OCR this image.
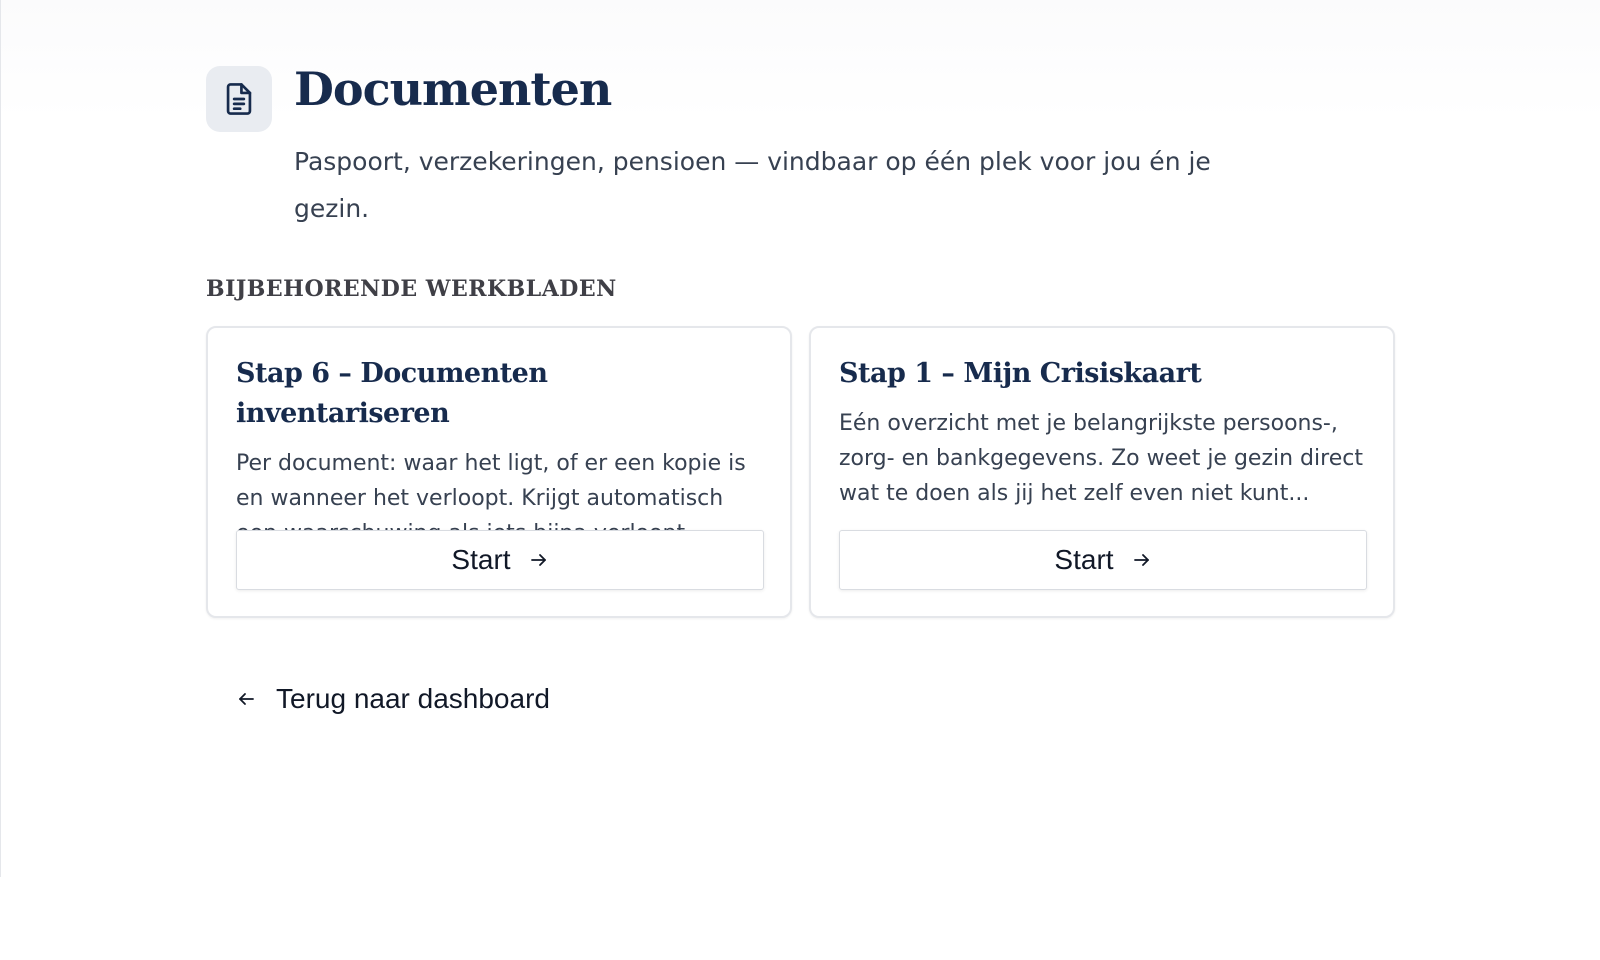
Documenten

Paspoort, verzekeringen, pensioen — vindbaar op één plek voor jou én je gezin.

BIJBEHORENDE WERKBLADEN
Stap 6 – Documenten inventariseren

Per document: waar het ligt, of er een kopie is en wanneer het verloopt. Krijgt automatisch

Start
Stap 1 – Mijn Crisiskaart

Eén overzicht met je belangrijkste persoons-, zorg- en bankgegevens. Zo weet je gezin direct wat te doen als jij het zelf even niet kunt...

Start
Terug naar dashboard
